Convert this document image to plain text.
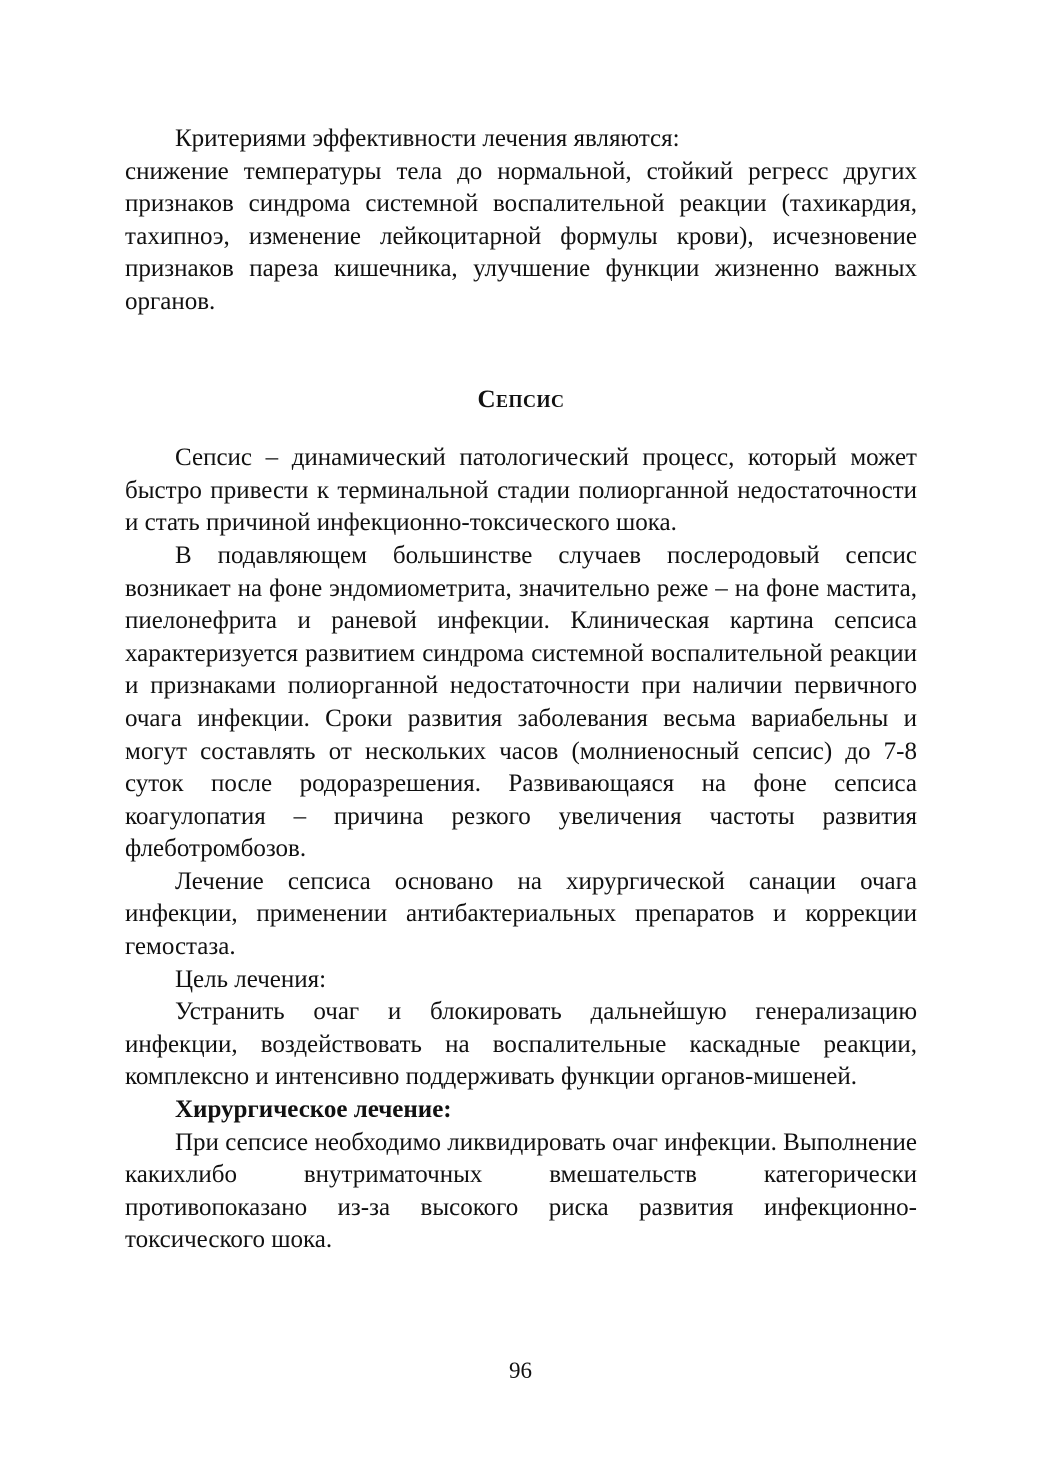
Критериями эффективности лечения являются:

снижение температуры тела до нормальной, стойкий регресс других признаков синдрома системной воспалительной реакции (тахикардия, тахипноэ, изменение лейкоцитарной формулы крови), исчезновение признаков пареза кишечника, улучшение функции жизненно важных органов.

Сепсис

Сепсис – динамический патологический процесс, который может быстро привести к терминальной стадии полиорганной недостаточности и стать причиной инфекционно-токсического шока.

В подавляющем большинстве случаев послеродовый сепсис возникает на фоне эндомиометрита, значительно реже – на фоне мастита, пиелонефрита и раневой инфекции. Клиническая картина сепсиса характеризуется развитием синдрома системной воспалительной реакции и признаками полиорганной недостаточности при наличии первичного очага инфекции. Сроки развития заболевания весьма вариабельны и могут составлять от нескольких часов (молниеносный сепсис) до 7-8 суток после родоразрешения. Развивающаяся на фоне сепсиса коагулопатия – причина резкого увеличения частоты развития флеботромбозов.

Лечение сепсиса основано на хирургической санации очага инфекции, применении антибактериальных препаратов и коррекции гемостаза.

Цель лечения:

Устранить очаг и блокировать дальнейшую генерализацию инфекции, воздействовать на воспалительные каскадные реакции, комплексно и интенсивно поддерживать функции органов-мишеней.

Хирургическое лечение:

При сепсисе необходимо ликвидировать очаг инфекции. Выполнение какихлибо внутриматочных вмешательств категорически противопоказано из-за высокого риска развития инфекционно-токсического шока.

96
